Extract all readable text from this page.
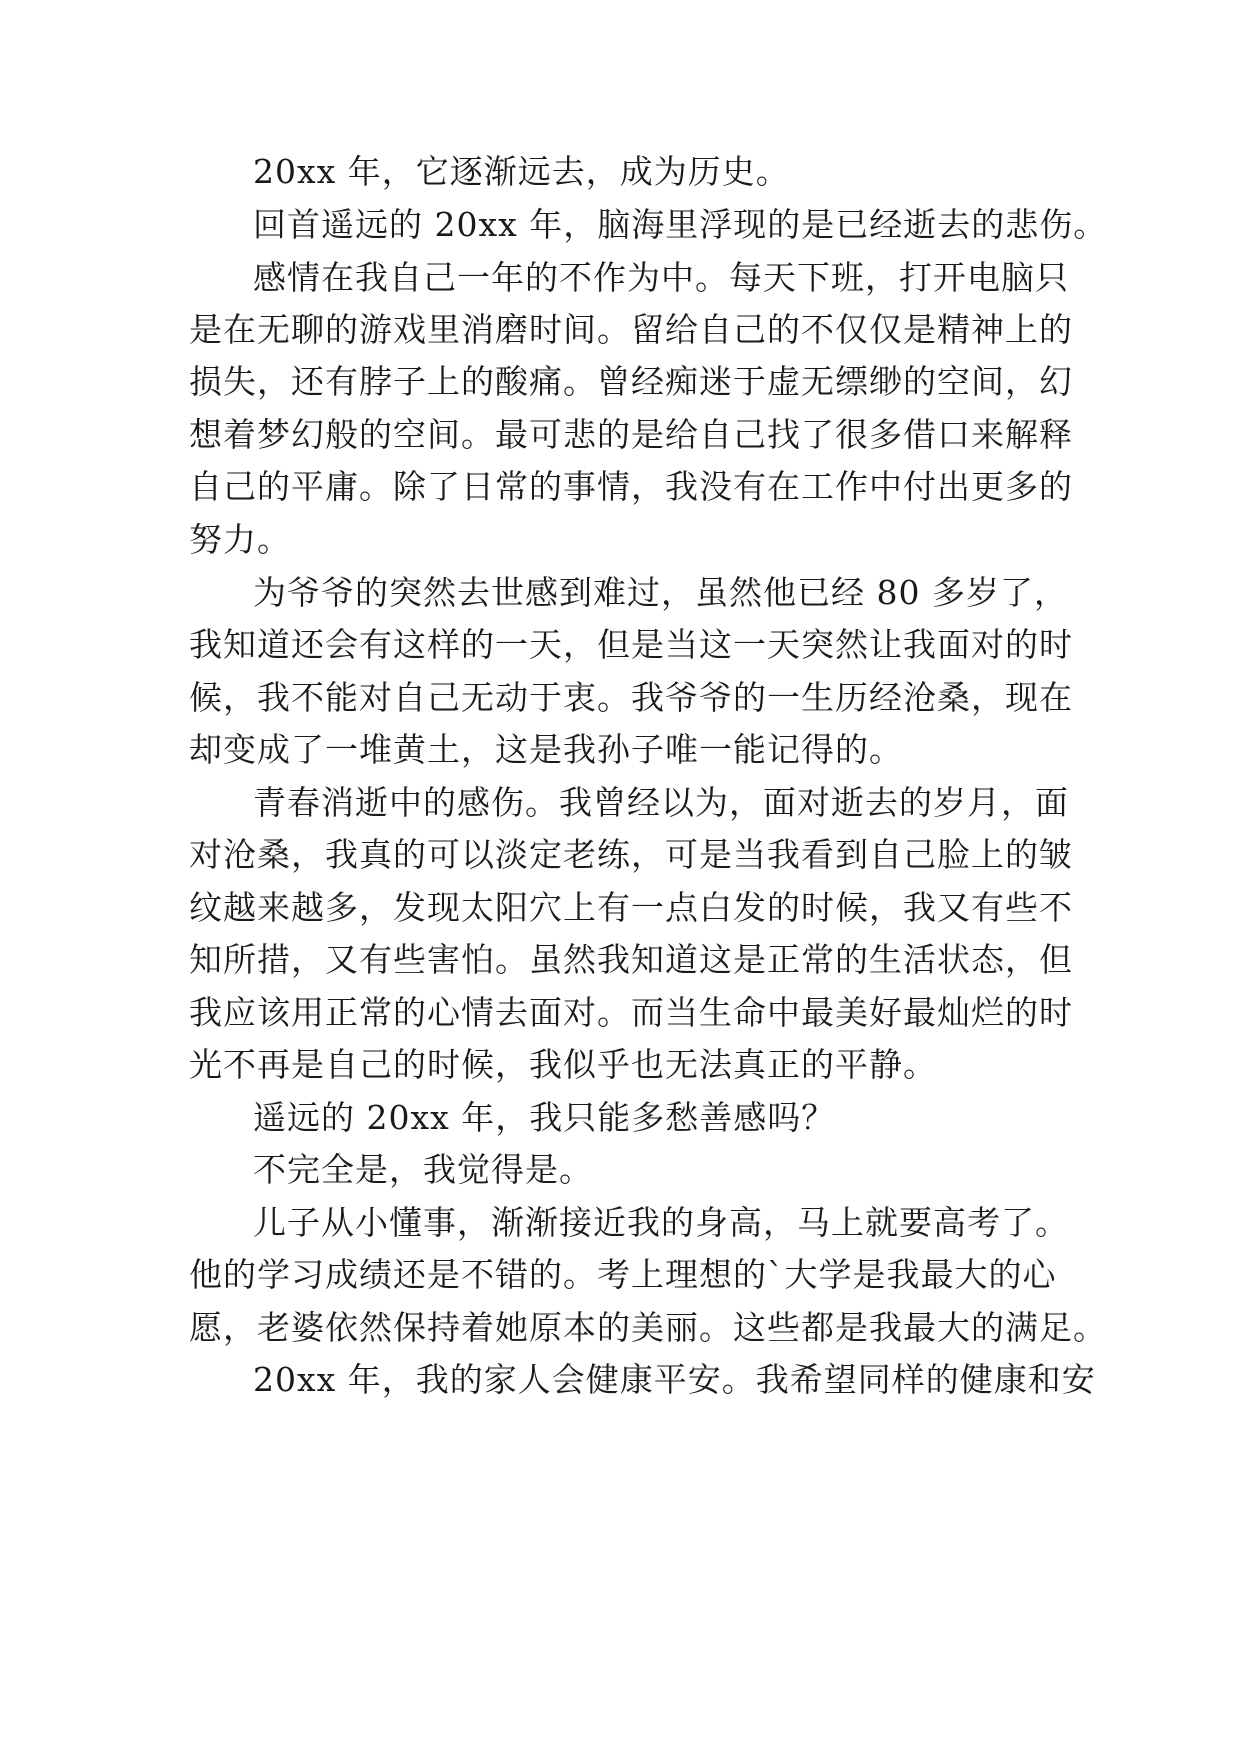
20xx 年，它逐渐远去，成为历史。

回首遥远的 20xx 年，脑海里浮现的是已经逝去的悲伤。

感情在我自己一年的不作为中。每天下班，打开电脑只

是在无聊的游戏里消磨时间。留给自己的不仅仅是精神上的

损失，还有脖子上的酸痛。曾经痴迷于虚无缥缈的空间，幻

想着梦幻般的空间。最可悲的是给自己找了很多借口来解释

自己的平庸。除了日常的事情，我没有在工作中付出更多的

努力。

为爷爷的突然去世感到难过，虽然他已经 80 多岁了，

我知道还会有这样的一天，但是当这一天突然让我面对的时

候，我不能对自己无动于衷。我爷爷的一生历经沧桑，现在

却变成了一堆黄土，这是我孙子唯一能记得的。

青春消逝中的感伤。我曾经以为，面对逝去的岁月，面

对沧桑，我真的可以淡定老练，可是当我看到自己脸上的皱

纹越来越多，发现太阳穴上有一点白发的时候，我又有些不

知所措，又有些害怕。虽然我知道这是正常的生活状态，但

我应该用正常的心情去面对。而当生命中最美好最灿烂的时

光不再是自己的时候，我似乎也无法真正的平静。

遥远的 20xx 年，我只能多愁善感吗？

不完全是，我觉得是。

儿子从小懂事，渐渐接近我的身高，马上就要高考了。

他的学习成绩还是不错的。考上理想的`大学是我最大的心

愿，老婆依然保持着她原本的美丽。这些都是我最大的满足。

20xx 年，我的家人会健康平安。我希望同样的健康和安
